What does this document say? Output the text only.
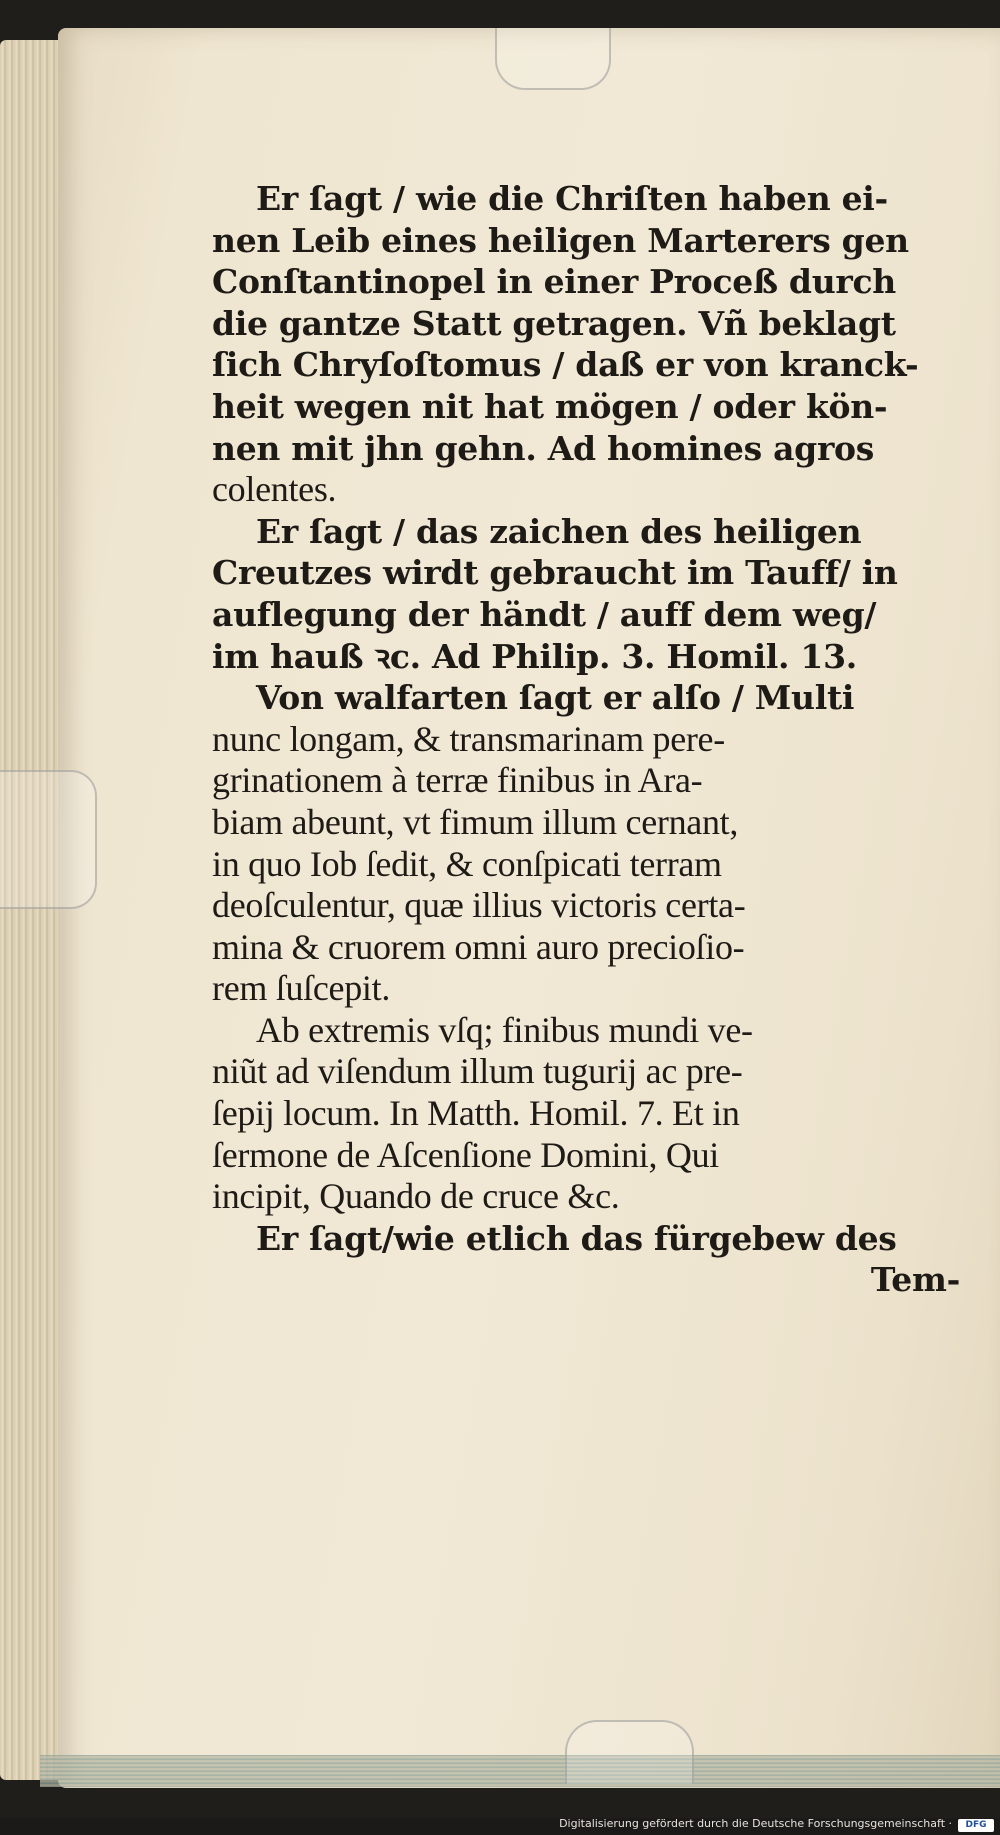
Er ſagt / wie die Chriſten haben ei-
nen Leib eines heiligen Marterers gen
Conſtantinopel in einer Proceß durch
die gantze Statt getragen. Vñ beklagt
ſich Chryſoſtomus / daß er von kranck-
heit wegen nit hat mögen / oder kön-
nen mit jhn gehn. Ad homines agros
colentes.
Er ſagt / das zaichen des heiligen
Creutzes wirdt gebraucht im Tauff/ in
auflegung der händt / auff dem weg/
im hauß ꝛc. Ad Philip. 3. Homil. 13.
Von walfarten ſagt er alſo / Multi
nunc longam, & transmarinam pere-
grinationem à terræ finibus in Ara-
biam abeunt, vt fimum illum cernant,
in quo Iob ſedit, & conſpicati terram
deoſculentur, quæ illius victoris certa-
mina & cruorem omni auro precioſio-
rem ſuſcepit.
Ab extremis vſq; finibus mundi ve-
niũt ad viſendum illum tugurij ac pre-
ſepij locum. In Matth. Homil. 7. Et in
ſermone de Aſcenſione Domini, Qui
incipit, Quando de cruce &c.
Er ſagt/wie etlich das fürgebew des
Tem-
Digitalisierung gefördert durch die Deutsche Forschungsgemeinschaft ·	DFG
